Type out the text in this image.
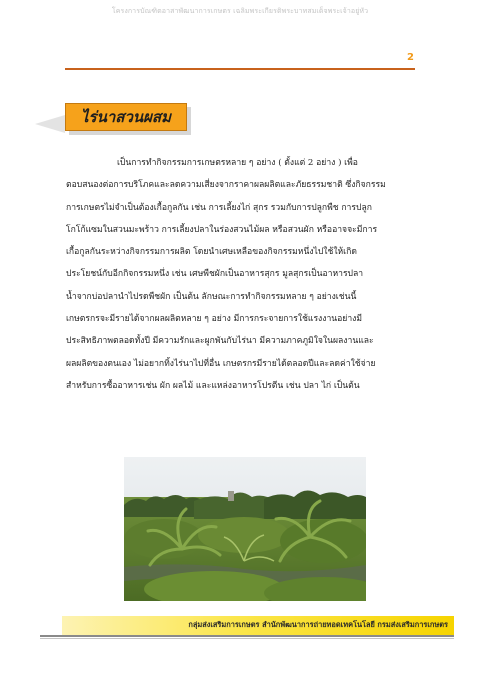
โครงการบัณฑิตอาสาพัฒนาการเกษตร เฉลิมพระเกียรติพระบาทสมเด็จพระเจ้าอยู่หัว
2
ไร่นาสวนผสม
เป็นการทำกิจกรรมการเกษตรหลาย ๆ อย่าง ( ตั้งแต่ 2 อย่าง ) เพื่อ
ตอบสนองต่อการบริโภคและลดความเสี่ยงจากราคาผลผลิตและภัยธรรมชาติ ซึ่งกิจกรรม
การเกษตรไม่จำเป็นต้องเกื้อกูลกัน เช่น การเลี้ยงไก่ สุกร รวมกับการปลูกพืช การปลูก
โกโก้แซมในสวนมะพร้าว การเลี้ยงปลาในร่องสวนไม้ผล หรือสวนผัก หรืออาจจะมีการ
เกื้อกูลกันระหว่างกิจกรรมการผลิต โดยนำเศษเหลือของกิจกรรมหนึ่งไปใช้ให้เกิด
ประโยชน์กับอีกกิจกรรมหนึ่ง เช่น เศษพืชผักเป็นอาหารสุกร มูลสุกรเป็นอาหารปลา
น้ำจากบ่อปลานำไปรดพืชผัก เป็นต้น ลักษณะการทำกิจกรรมหลาย ๆ อย่างเช่นนี้
เกษตรกรจะมีรายได้จากผลผลิตหลาย ๆ อย่าง มีการกระจายการใช้แรงงานอย่างมี
ประสิทธิภาพตลอดทั้งปี มีความรักและผูกพันกับไร่นา มีความภาคภูมิใจในผลงานและ
ผลผลิตของตนเอง ไม่อยากทิ้งไร่นาไปที่อื่น เกษตรกรมีรายได้ตลอดปีและลดค่าใช้จ่าย
สำหรับการซื้ออาหารเช่น ผัก ผลไม้ และแหล่งอาหารโปรตีน เช่น ปลา ไก่ เป็นต้น
กลุ่มส่งเสริมการเกษตร สำนักพัฒนาการถ่ายทอดเทคโนโลยี กรมส่งเสริมการเกษตร
